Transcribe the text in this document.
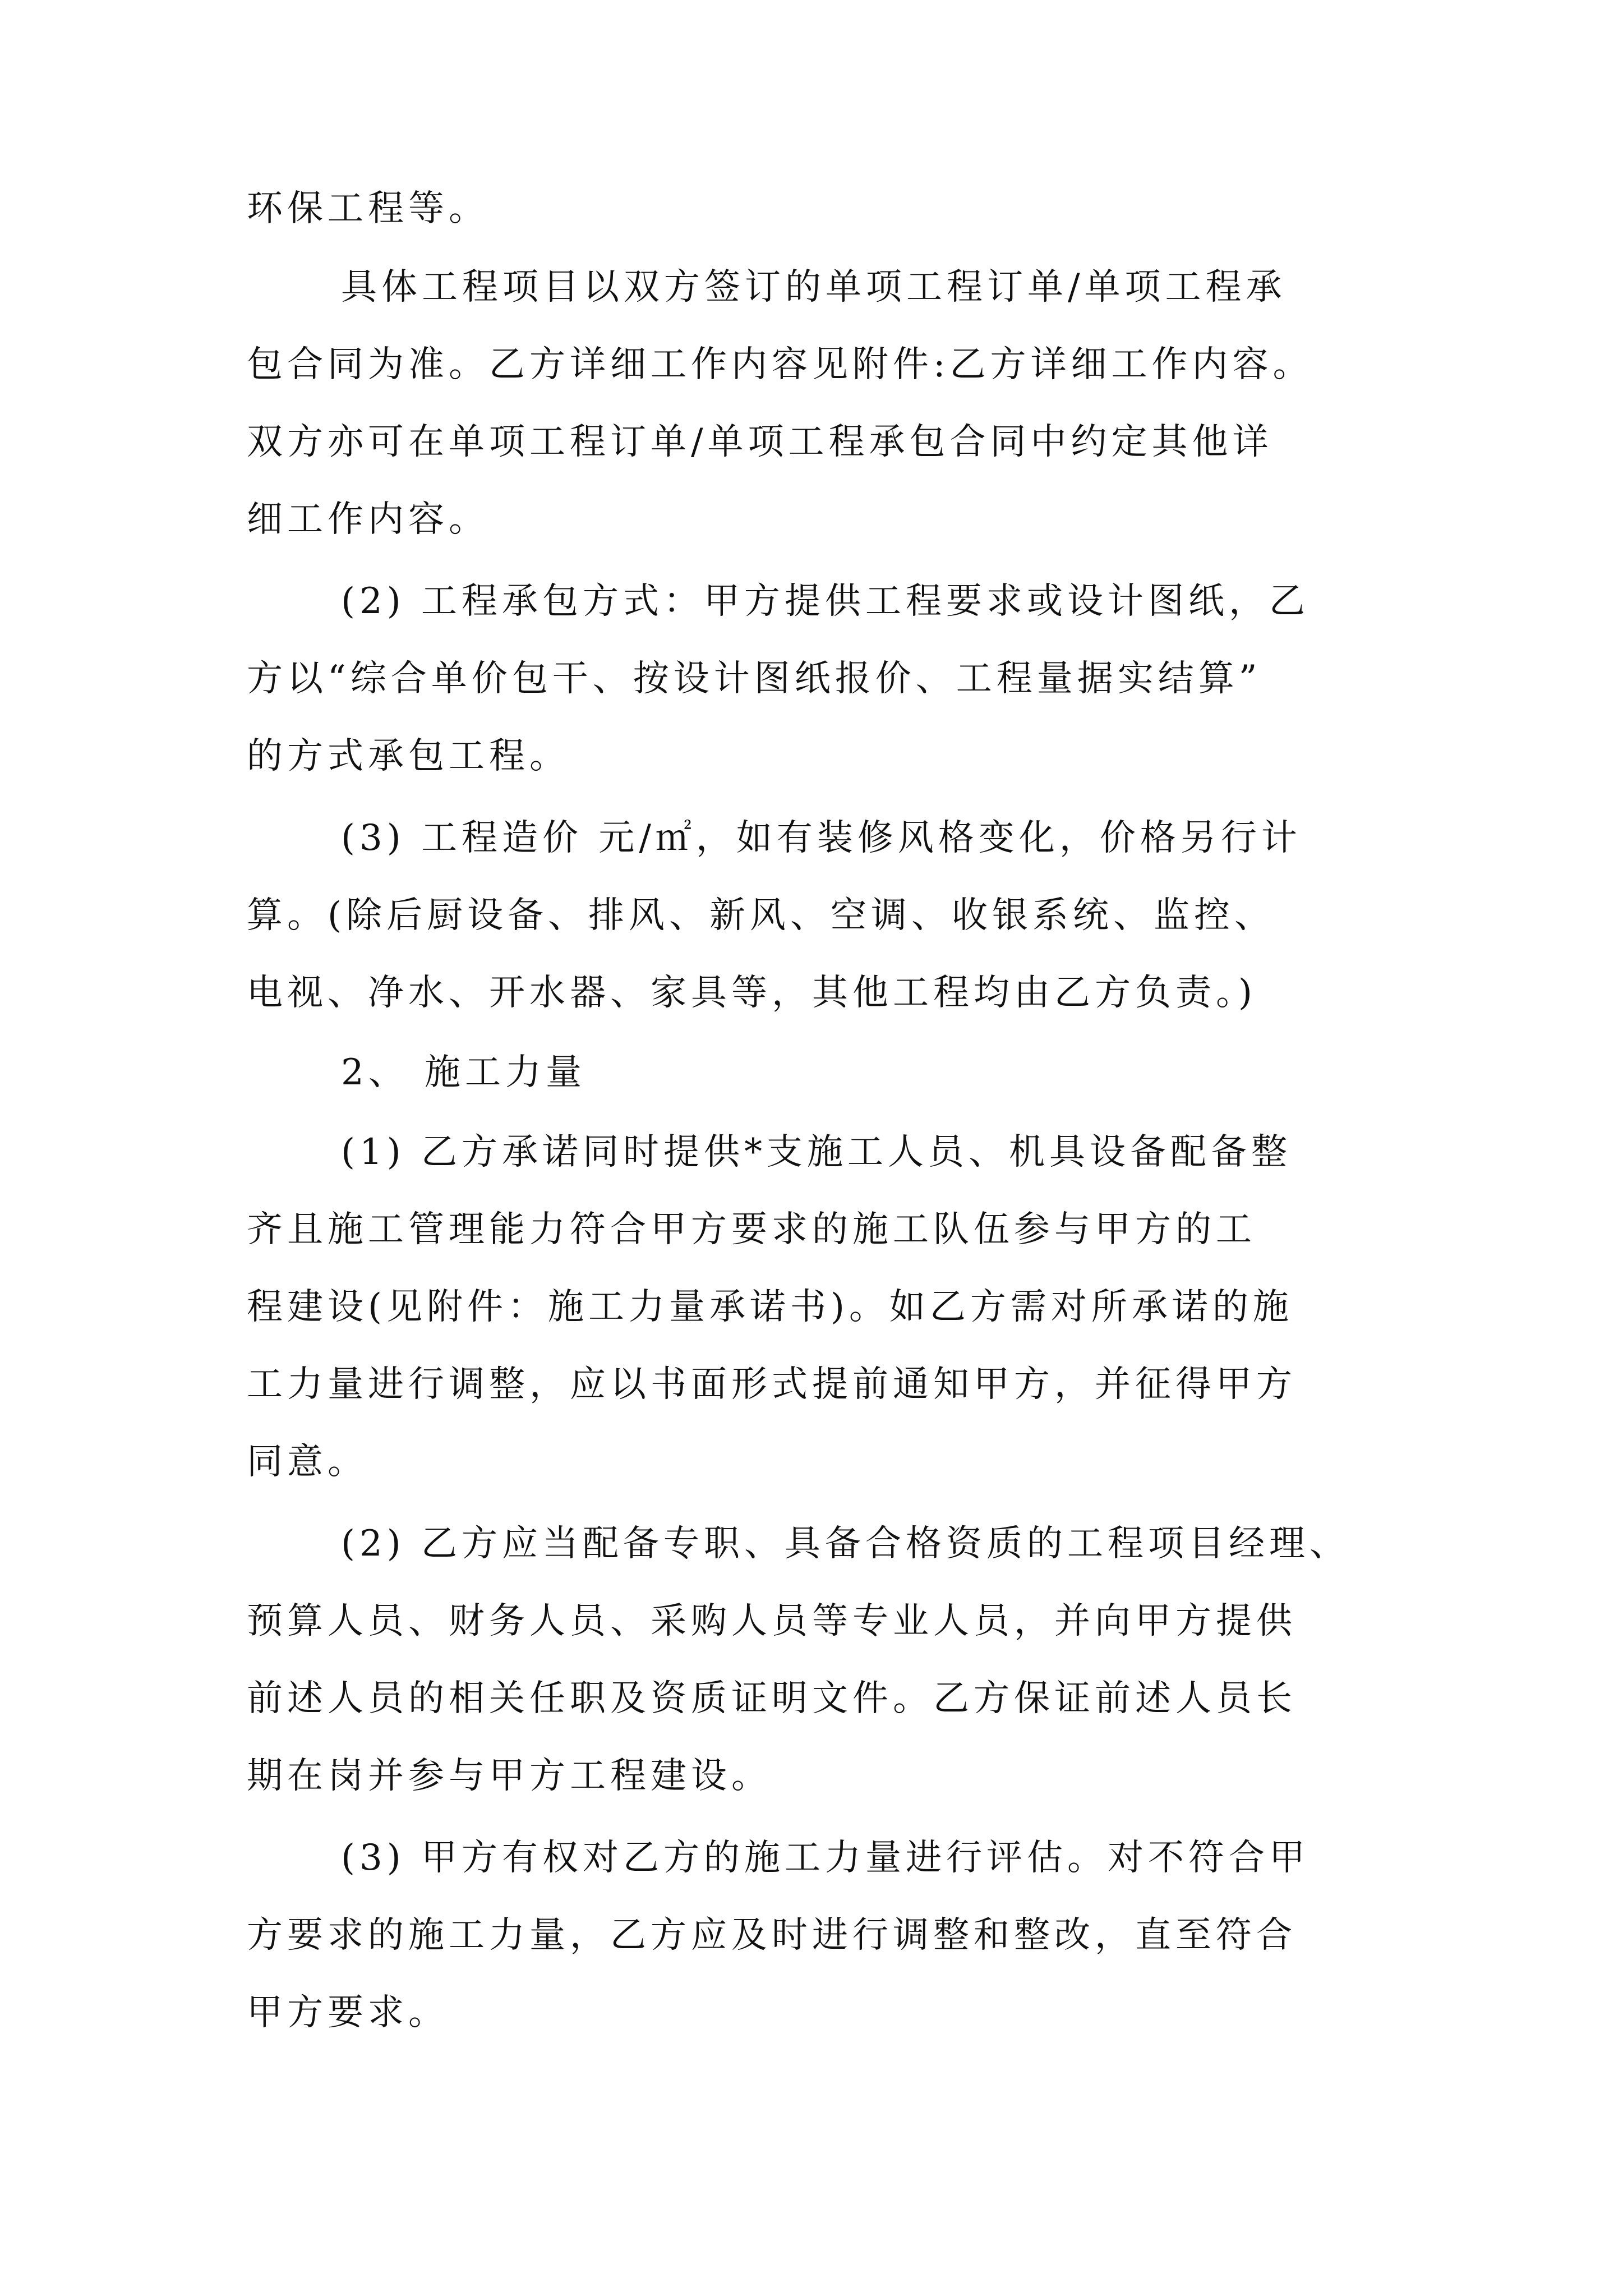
环保工程等。
具体工程项目以双方签订的单项工程订单/单项工程承
包合同为准。乙方详细工作内容见附件:乙方详细工作内容。
双方亦可在单项工程订单/单项工程承包合同中约定其他详
细工作内容。
(2) 工程承包方式：甲方提供工程要求或设计图纸，乙
方以“综合单价包干、按设计图纸报价、工程量据实结算”
的方式承包工程。
(3) 工程造价 元/㎡，如有装修风格变化，价格另行计
算。(除后厨设备、排风、新风、空调、收银系统、监控、
电视、净水、开水器、家具等，其他工程均由乙方负责。)
2、 施工力量
(1) 乙方承诺同时提供*支施工人员、机具设备配备整
齐且施工管理能力符合甲方要求的施工队伍参与甲方的工
程建设(见附件：施工力量承诺书)。如乙方需对所承诺的施
工力量进行调整，应以书面形式提前通知甲方，并征得甲方
同意。
(2) 乙方应当配备专职、具备合格资质的工程项目经理、
预算人员、财务人员、采购人员等专业人员，并向甲方提供
前述人员的相关任职及资质证明文件。乙方保证前述人员长
期在岗并参与甲方工程建设。
(3) 甲方有权对乙方的施工力量进行评估。对不符合甲
方要求的施工力量，乙方应及时进行调整和整改，直至符合
甲方要求。
